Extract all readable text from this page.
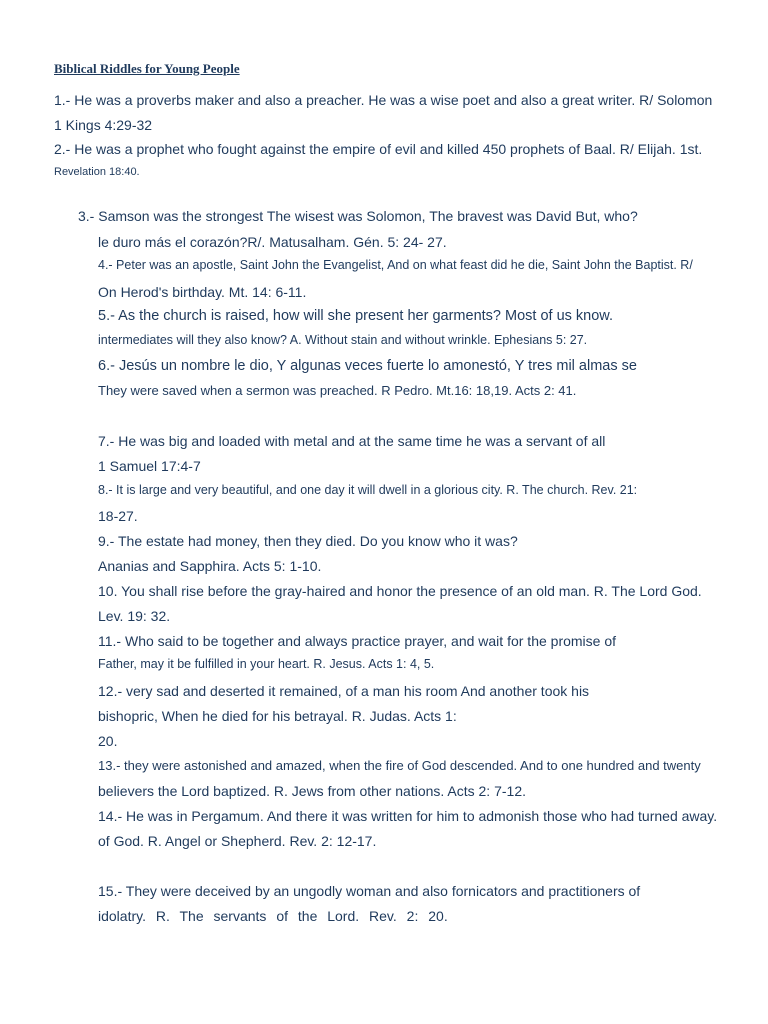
Biblical Riddles for Young People
1.- He was a proverbs maker and also a preacher. He was a wise poet and also a great writer. R/ Solomon
1 Kings 4:29-32
2.- He was a prophet who fought against the empire of evil and killed 450 prophets of Baal. R/ Elijah. 1st.
Revelation 18:40.
3.- Samson was the strongest The wisest was Solomon, The bravest was David But, who?
le duro más el corazón?R/. Matusalham. Gén. 5: 24- 27.
4.- Peter was an apostle, Saint John the Evangelist, And on what feast did he die, Saint John the Baptist. R/
On Herod's birthday. Mt. 14: 6-11.
5.- As the church is raised, how will she present her garments? Most of us know.
intermediates will they also know? A. Without stain and without wrinkle. Ephesians 5: 27.
6.- Jesús un nombre le dio, Y algunas veces fuerte lo amonestó, Y tres mil almas se
They were saved when a sermon was preached. R Pedro. Mt.16: 18,19. Acts 2: 41.
7.- He was big and loaded with metal and at the same time he was a servant of all
1 Samuel 17:4-7
8.- It is large and very beautiful, and one day it will dwell in a glorious city. R. The church. Rev. 21:
18-27.
9.- The estate had money, then they died. Do you know who it was?
Ananias and Sapphira. Acts 5: 1-10.
10. You shall rise before the gray-haired and honor the presence of an old man. R. The Lord God.
Lev. 19: 32.
11.- Who said to be together and always practice prayer, and wait for the promise of
Father, may it be fulfilled in your heart. R. Jesus. Acts 1: 4, 5.
12.- very sad and deserted it remained, of a man his room And another took his
bishopric, When he died for his betrayal. R. Judas. Acts 1:
20.
13.- they were astonished and amazed, when the fire of God descended. And to one hundred and twenty
believers the Lord baptized. R. Jews from other nations. Acts 2: 7-12.
14.- He was in Pergamum. And there it was written for him to admonish those who had turned away.
of God. R. Angel or Shepherd. Rev. 2: 12-17.
15.- They were deceived by an ungodly woman and also fornicators and practitioners of
idolatry. R. The servants of the Lord. Rev. 2: 20.
